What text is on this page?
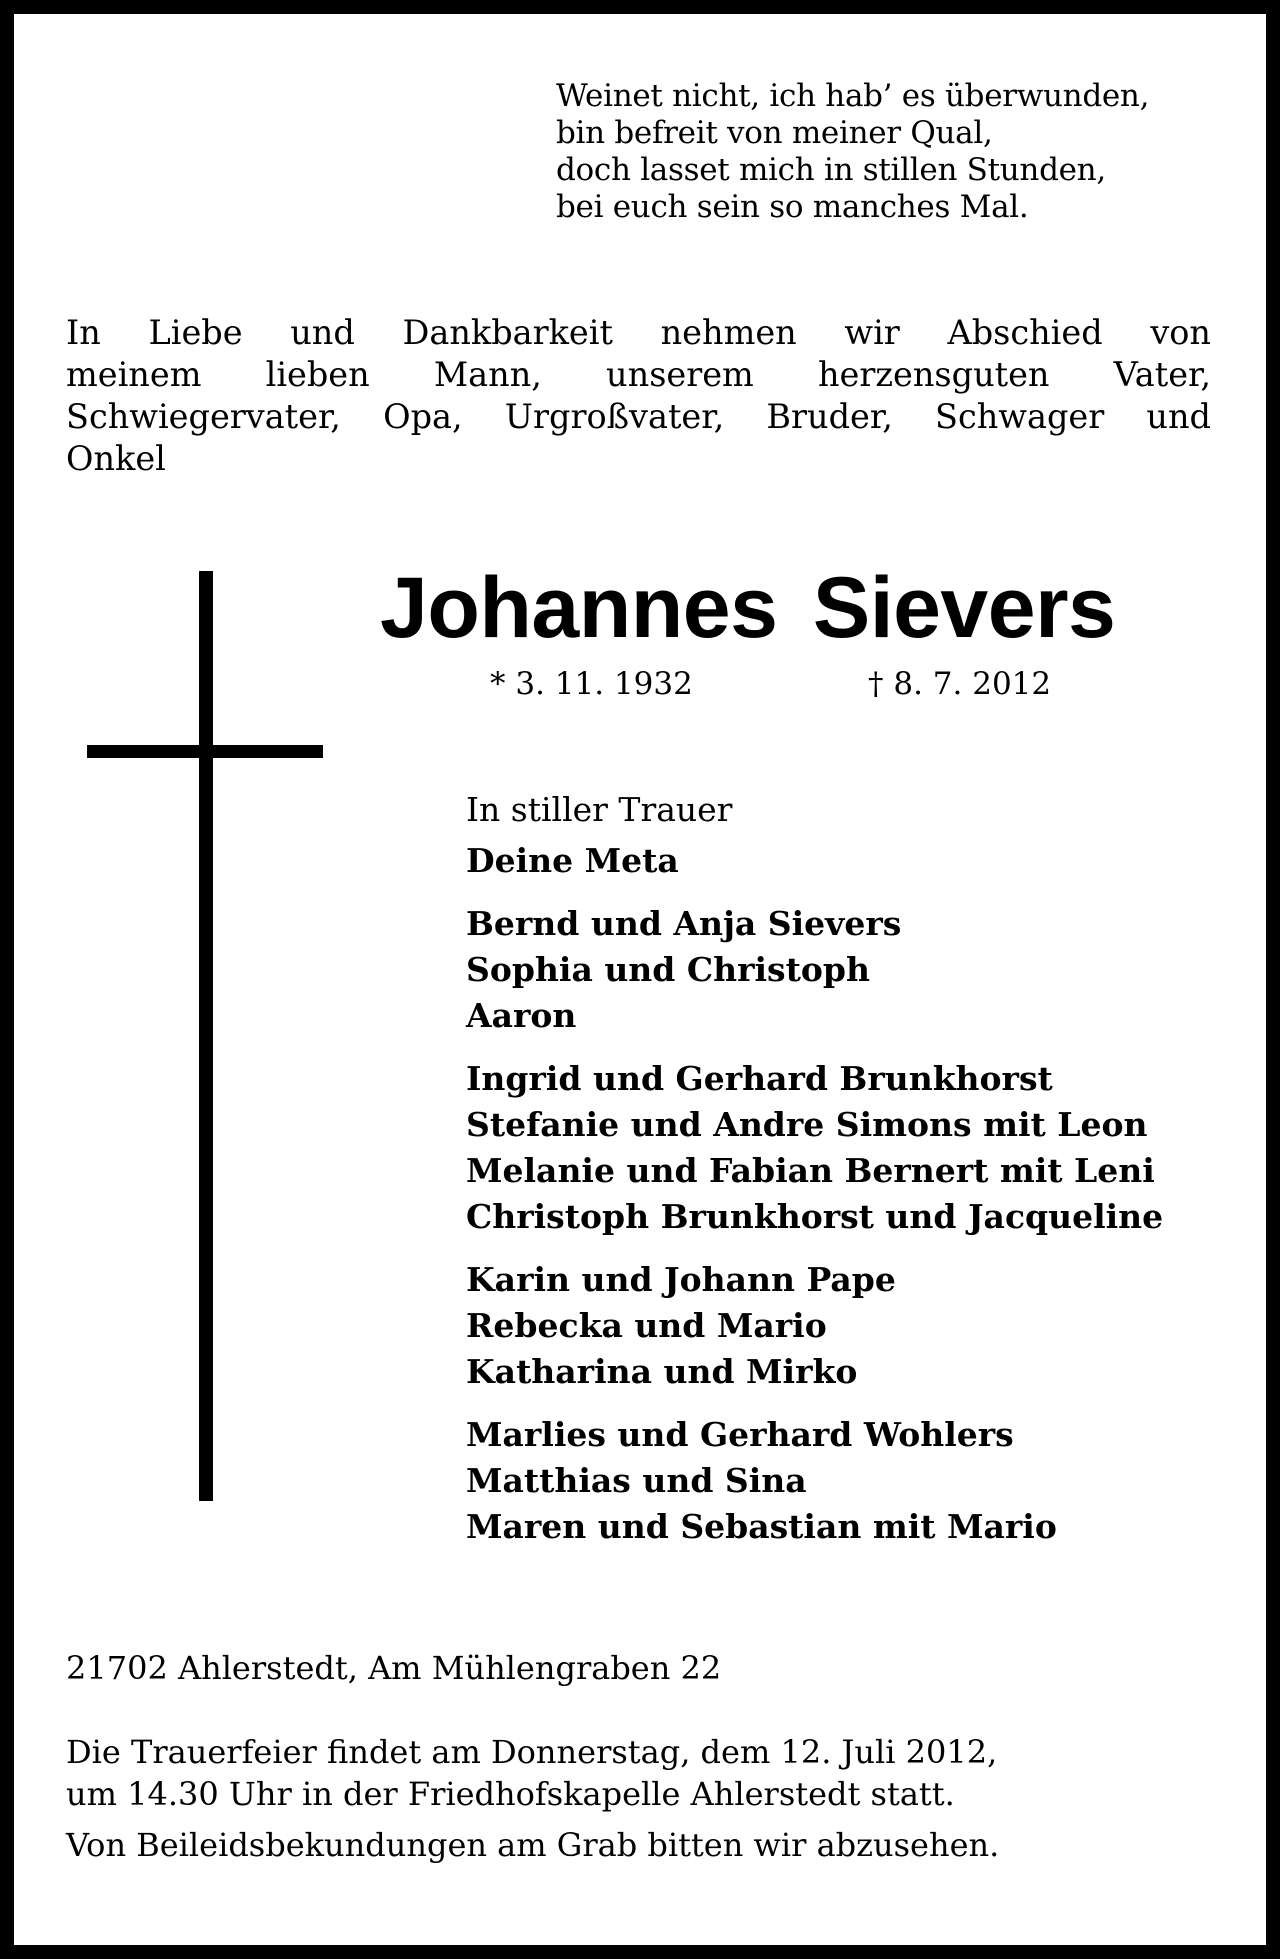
Weinet nicht, ich hab’ es überwunden,
bin befreit von meiner Qual,
doch lasset mich in stillen Stunden,
bei euch sein so manches Mal.
In Liebe und Dankbarkeit nehmen wir Abschied von
meinem lieben Mann, unserem herzensguten Vater,
Schwiegervater, Opa, Urgroßvater, Bruder, Schwager und
Onkel
Johannes Sievers
* 3. 11. 1932	† 8. 7. 2012
In stiller Trauer
Deine Meta
Bernd und Anja Sievers
Sophia und Christoph
Aaron
Ingrid und Gerhard Brunkhorst
Stefanie und Andre Simons mit Leon
Melanie und Fabian Bernert mit Leni
Christoph Brunkhorst und Jacqueline
Karin und Johann Pape
Rebecka und Mario
Katharina und Mirko
Marlies und Gerhard Wohlers
Matthias und Sina
Maren und Sebastian mit Mario
21702 Ahlerstedt, Am Mühlengraben 22
Die Trauerfeier findet am Donnerstag, dem 12. Juli 2012,
um 14.30 Uhr in der Friedhofskapelle Ahlerstedt statt.
Von Beileidsbekundungen am Grab bitten wir abzusehen.
